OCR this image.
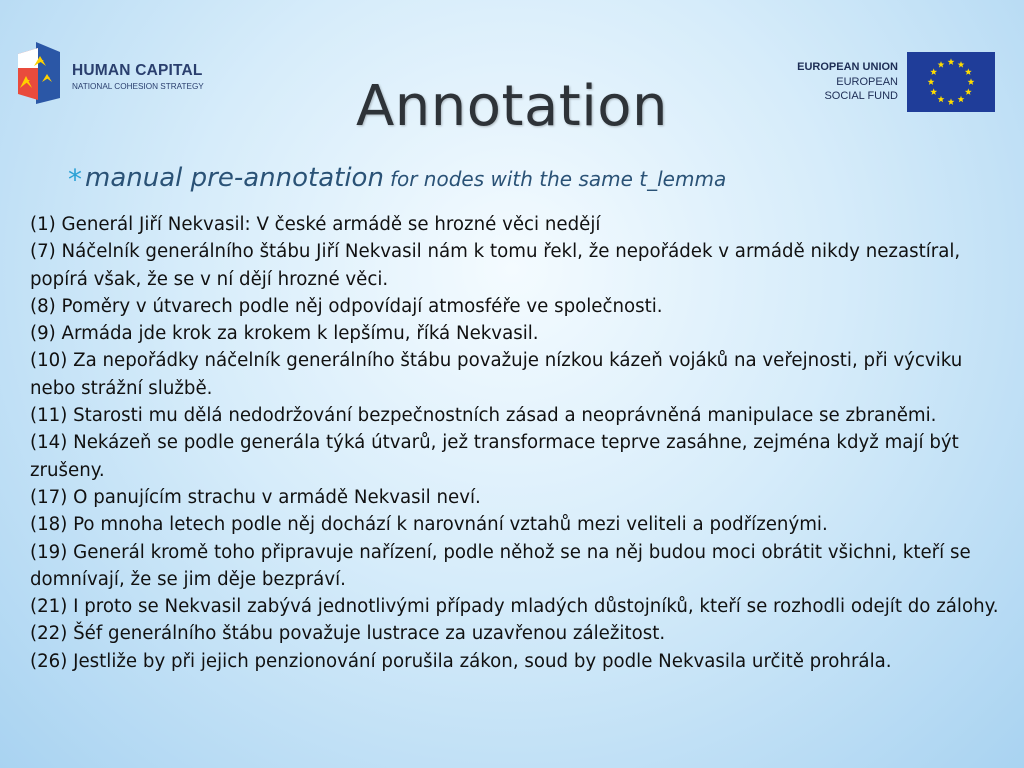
HUMAN CAPITAL
NATIONAL COHESION STRATEGY
EUROPEAN UNION
EUROPEAN
SOCIAL FUND
Annotation
* manual pre-annotation for nodes with the same t_lemma

(1) Generál Jiří Nekvasil: V české armádě se hrozné věci nedějí

(7) Náčelník generálního štábu Jiří Nekvasil nám k tomu řekl, že nepořádek v armádě nikdy nezastíral, popírá však, že se v ní dějí hrozné věci.

(8) Poměry v útvarech podle něj odpovídají atmosféře ve společnosti.

(9) Armáda jde krok za krokem k lepšímu, říká Nekvasil.

(10) Za nepořádky náčelník generálního štábu považuje nízkou kázeň vojáků na veřejnosti, při výcviku nebo strážní službě.

(11) Starosti mu dělá nedodržování bezpečnostních zásad a neoprávněná manipulace se zbraněmi.

(14) Nekázeň se podle generála týká útvarů, jež transformace teprve zasáhne, zejména když mají být zrušeny.

(17) O panujícím strachu v armádě Nekvasil neví.

(18) Po mnoha letech podle něj dochází k narovnání vztahů mezi veliteli a podřízenými.

(19) Generál kromě toho připravuje nařízení, podle něhož se na něj budou moci obrátit všichni, kteří se domnívají, že se jim děje bezpráví.

(21) I proto se Nekvasil zabývá jednotlivými případy mladých důstojníků, kteří se rozhodli odejít do zálohy.

(22) Šéf generálního štábu považuje lustrace za uzavřenou záležitost.

(26) Jestliže by při jejich penzionování porušila zákon, soud by podle Nekvasila určitě prohrála.
